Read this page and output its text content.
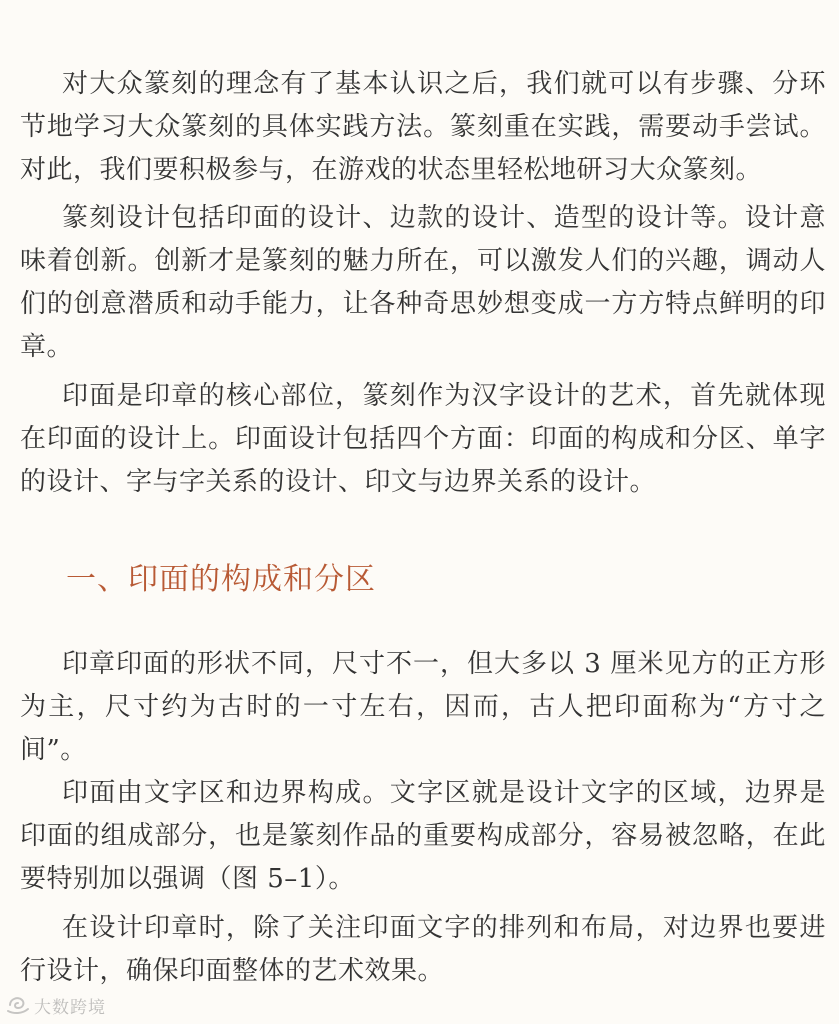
对大众篆刻的理念有了基本认识之后，我们就可以有步骤、分环节地学习大众篆刻的具体实践方法。篆刻重在实践，需要动手尝试。对此，我们要积极参与，在游戏的状态里轻松地研习大众篆刻。

篆刻设计包括印面的设计、边款的设计、造型的设计等。设计意味着创新。创新才是篆刻的魅力所在，可以激发人们的兴趣，调动人们的创意潜质和动手能力，让各种奇思妙想变成一方方特点鲜明的印章。

印面是印章的核心部位，篆刻作为汉字设计的艺术，首先就体现在印面的设计上。印面设计包括四个方面：印面的构成和分区、单字的设计、字与字关系的设计、印文与边界关系的设计。

一、印面的构成和分区

印章印面的形状不同，尺寸不一，但大多以 3 厘米见方的正方形为主，尺寸约为古时的一寸左右，因而，古人把印面称为“方寸之间”。

印面由文字区和边界构成。文字区就是设计文字的区域，边界是印面的组成部分，也是篆刻作品的重要构成部分，容易被忽略，在此要特别加以强调（图 5–1）。

在设计印章时，除了关注印面文字的排列和布局，对边界也要进行设计，确保印面整体的艺术效果。

大数跨境
